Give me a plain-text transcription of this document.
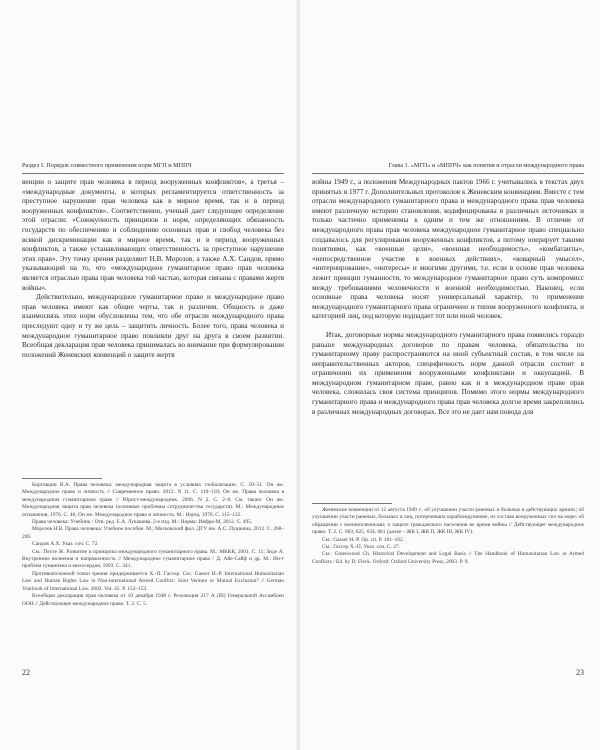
Раздел I. Порядок совместного применения норм МГП и МППЧ

венции о защите прав человека в период вооруженных конфликтов», а третья – «международные документы, в которых регламентируется ответственность за преступное нарушение прав человека как в мирное время, так и в период вооруженных конфликтов». Соответственно, ученый дает следующее определение этой отрасли: «Совокупность принципов и норм, определяющих обязанность государств по обеспечению и соблюдению основных прав и свобод человека без всякой дискриминации как в мирное время, так и в период вооруженных конфликтов, а также устанавливающих ответственность за преступное нарушение этих прав». Эту точку зрения разделяют Н.В. Морозов, а также А.Х. Саидов, прямо указывающий на то, что «международное гуманитарное право прав человека является отраслью права прав человека той частью, которая связана с правами жертв войны».

Действительно, международное гуманитарное право и международное право прав человека имеют как общие черты, так и различия. Общность и даже взаимосвязь этих норм обусловлены тем, что обе отрасли международного права преследуют одну и ту же цель – защитить личность. Более того, права человека и международное гуманитарное право повлияли друг на друга в своем развитии. Всеобщая декларация прав человека принималась во внимание при формулировании положений Женевских конвенций о защите жертв

Кортавцин В.А. Права человека: международная защита в условиях глобализации. С. 50–51. Он же. Международное право и личность // Современное право. 2012. N 11. С. 110–118; Он же. Права человека в международном гуманитарном праве // Юрист-международник. 2006. N 2. С. 2–8. См. также: Он же. Международная защита прав человека (основные проблемы сотрудничества государств). М.: Международные отношения, 1976. С. 46; Он же. Международное право и личность. М.: Наука, 1976. С. 115–122.

Права человека: Учебник / Отв. ред. Е.А. Лукашева. 2-е изд. М.: Норма: Инфра-М, 2012. С. 495.

Морозов Н.В. Права человека: Учебное пособие. М.; Московский фил. ДГУ им. А.С. Пушкина, 2012. С. 268–269.

Саидов А.Х. Указ. соч. С. 72.

См.: Песте Ж. Развитие и принципы международного гуманитарного права. М.: МККК, 2001. С. 11; Зиде А. Внутренние волнения и напряженность // Международное гуманитарное право / Д. Айе-Сайф и др. М.: Ин-т проблем гуманизма и милосердия, 1993. С. 341.

Противоположной точки зрения придерживается Х.-П. Гассер. См.: Gasser H.-P. International Humanitarian Law and Human Rights Law in Non-international Armed Conflict: Joint Venture or Mutual Exclusion? // German Yearbook of International Law. 2002. Vol. 45. P. 152–153.

Всеобщая декларация прав человека от 10 декабря 1948 г. Резолюция 217 A (III) Генеральной Ассамблеи ООН // Действующее международное право. Т. 2. С. 5.

22
Глава 1. «МГП» и «МППЧ» как понятия и отрасли международного права

войны 1949 г., а положения Международных пактов 1966 г. учитывались в текстах двух принятых в 1977 г. Дополнительных протоколов к Женевским конвенциям. Вместе с тем отрасли международного гуманитарного права и международного права прав человека имеют различную историю становления, кодифицированы в различных источниках и только частично применимы к одним и тем же отношениям. В отличие от международного права прав человека международное гуманитарное право специально создавалось для регулирования вооруженных конфликтов, а потому оперирует такими понятиями, как «военные цели», «военная необходимость», «комбатанты», «непосредственное участие в военных действиях», «коварный умысел», «интернирование», «интересы» и многими другими, т.е. если в основе прав человека лежит принцип гуманности, то международное гуманитарное право суть компромисс между требованиями человечности и военной необходимостью. Наконец, если основные права человека носят универсальный характер, то применение международного гуманитарного права ограничено и типом вооруженного конфликта, и категорией лиц, под которую подпадает тот или иной человек.

Итак, договорные нормы международного гуманитарного права появились гораздо раньше международных договоров по правам человека, обязательства по гуманитарному праву распространяются на иной субъектный состав, в том числе на неправительственных акторов, специфичность норм данной отрасли состоит в ограничении их применения вооруженными конфликтами и оккупацией. В международном гуманитарном праве, равно как и в международном праве прав человека, сложилась своя система принципов. Помимо этого нормы международного гуманитарного права и международного права прав человека долгое время закреплялись в различных международных договорах. Все это не дает нам повода для

Женевские конвенции от 12 августа 1949 г.: об улучшении участи раненых и больных в действующих армиях; об улучшении участи раненых, больных и лиц, потерпевших кораблекрушение, из состава вооруженных сил на море; об обращении с военнопленными; о защите гражданского населения во время войны // Действующее международное право. Т. 2. С. 603, 625, 634, 681 (далее – ЖК I, ЖК II, ЖК III, ЖК IV).

См.: Gasser H.-P. Op. cit. P. 161–162.

См.: Гассер Х.-П. Указ. соч. С. 27.

См.: Greenwood Ch. Historical Development and Legal Basis // The Handbook of Humanitarian Law in Armed Conflicts / Ed. by D. Fleck. Oxford: Oxford University Press, 2003. P. 9.

23
